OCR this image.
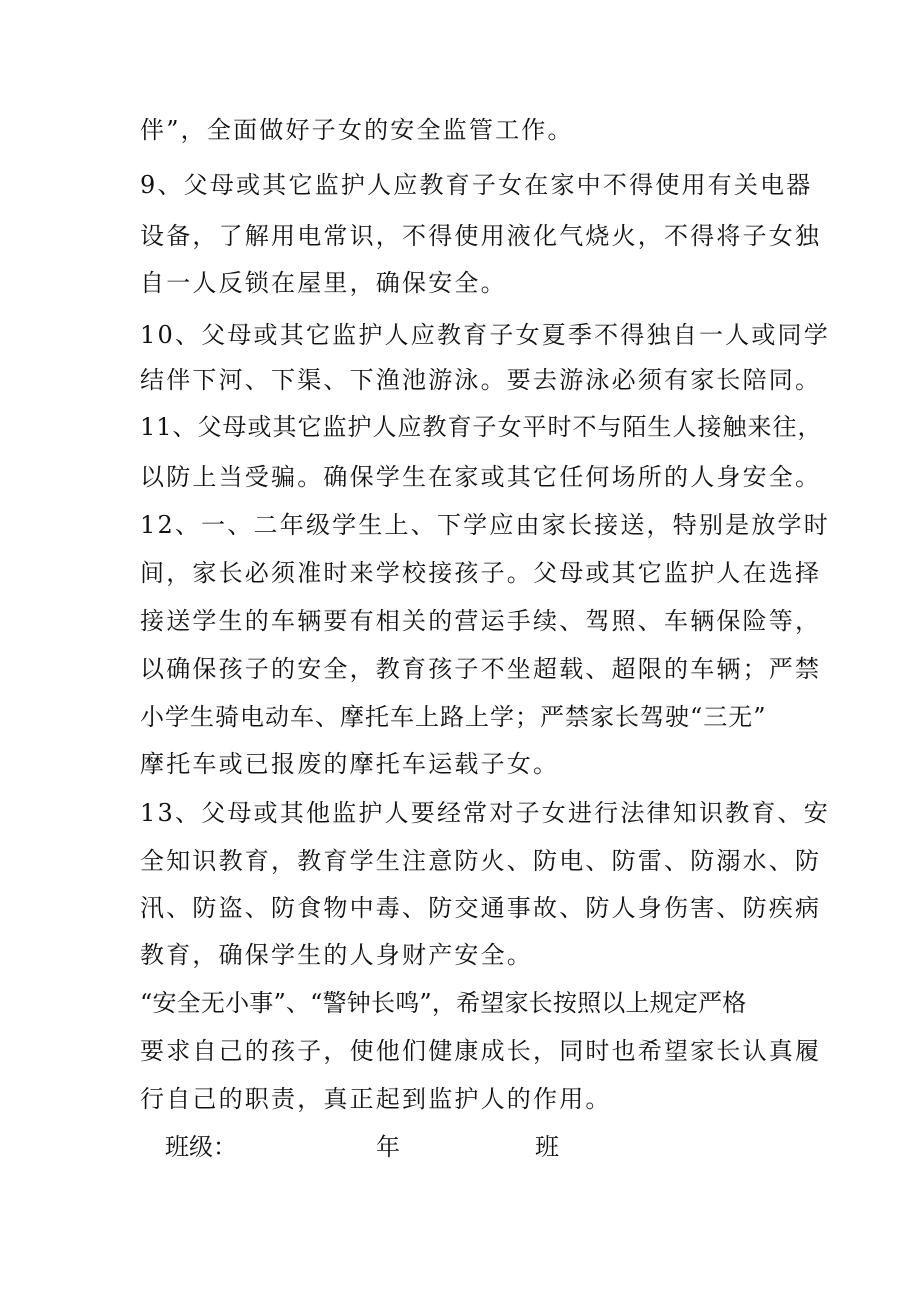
伴”，全面做好子女的安全监管工作。
9、父母或其它监护人应教育子女在家中不得使用有关电器
设备，了解用电常识，不得使用液化气烧火，不得将子女独
自一人反锁在屋里，确保安全。
10、父母或其它监护人应教育子女夏季不得独自一人或同学
结伴下河、下渠、下渔池游泳。要去游泳必须有家长陪同。
11、父母或其它监护人应教育子女平时不与陌生人接触来往，
以防上当受骗。确保学生在家或其它任何场所的人身安全。
12、一、二年级学生上、下学应由家长接送，特别是放学时
间，家长必须准时来学校接孩子。父母或其它监护人在选择
接送学生的车辆要有相关的营运手续、驾照、车辆保险等，
以确保孩子的安全，教育孩子不坐超载、超限的车辆；严禁
小学生骑电动车、摩托车上路上学；严禁家长驾驶“三无”
摩托车或已报废的摩托车运载子女。
13、父母或其他监护人要经常对子女进行法律知识教育、安
全知识教育，教育学生注意防火、防电、防雷、防溺水、防
汛、防盗、防食物中毒、防交通事故、防人身伤害、防疾病
教育，确保学生的人身财产安全。
“安全无小事”、“警钟长鸣”，希望家长按照以上规定严格
要求自己的孩子，使他们健康成长，同时也希望家长认真履
行自己的职责，真正起到监护人的作用。
班级：	年	班
